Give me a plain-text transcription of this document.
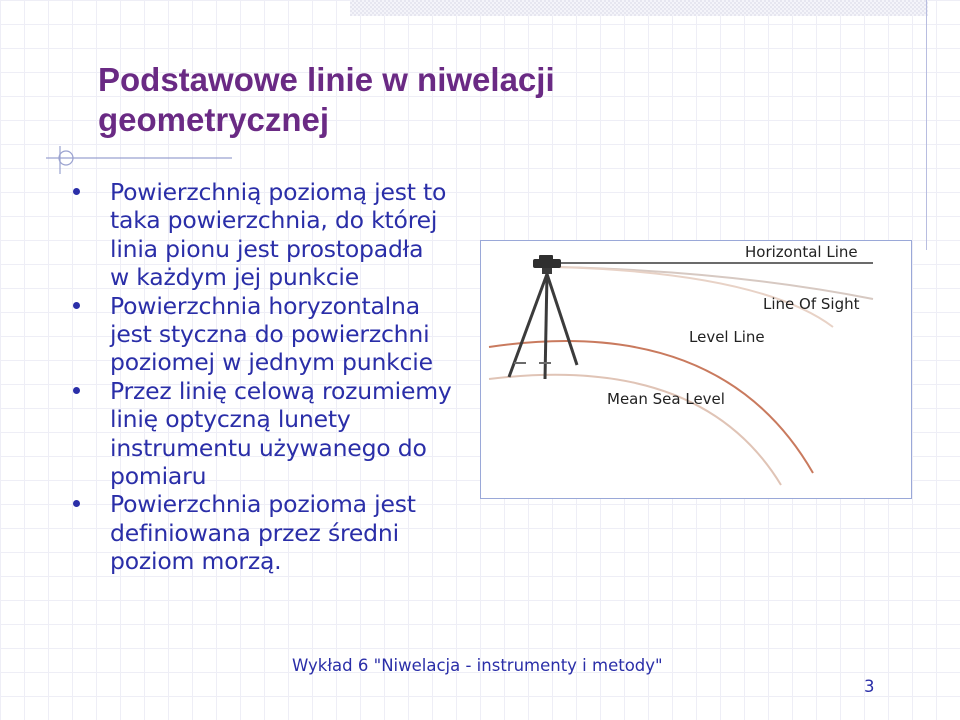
Podstawowe linie w niwelacji
geometrycznej
Powierzchnią poziomą jest to
taka powierzchnia, do której
linia pionu jest prostopadła
w każdym jej punkcie
Powierzchnia horyzontalna
jest styczna do powierzchni
poziomej w jednym punkcie
Przez linię celową rozumiemy
linię optyczną lunety
instrumentu używanego do
pomiaru
Powierzchnia pozioma jest
definiowana przez średni
poziom morzą.
Horizontal Line
Line Of Sight
Level Line
Mean Sea Level
Wykład 6 "Niwelacja - instrumenty i metody"
3
